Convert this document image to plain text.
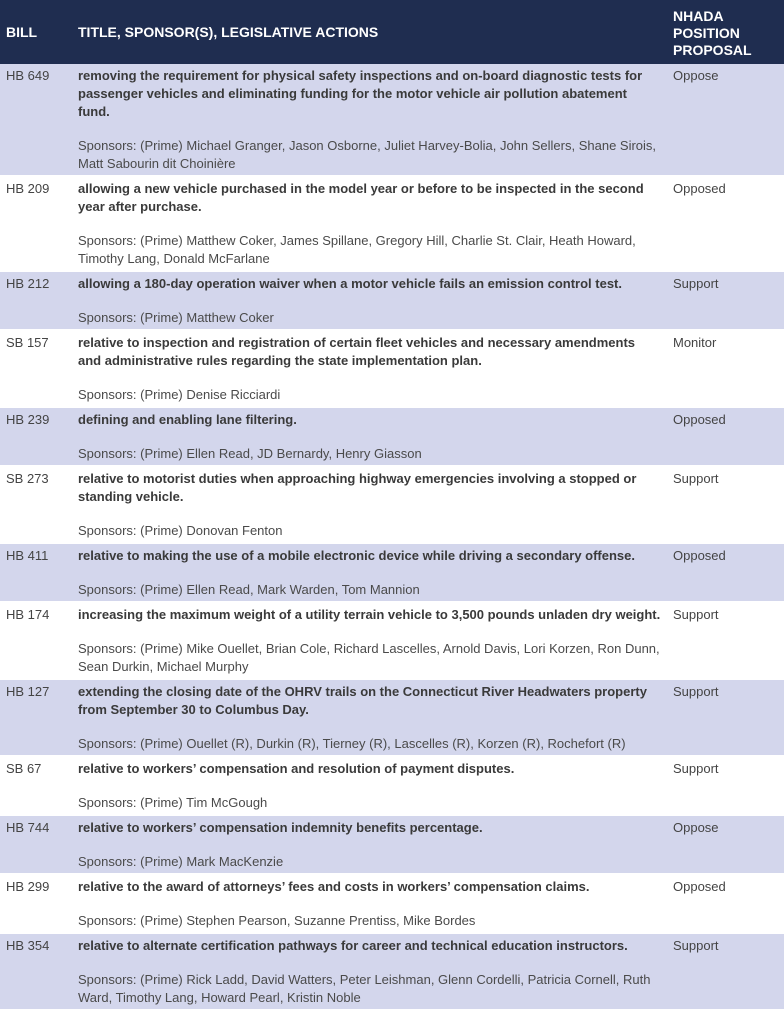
BILL	TITLE, SPONSOR(S), LEGISLATIVE ACTIONS	NHADA POSITION PROPOSAL
HB 649	removing the requirement for physical safety inspections and on-board diagnostic tests for passenger vehicles and eliminating funding for the motor vehicle air pollution abatement fund.
Sponsors: (Prime) Michael Granger, Jason Osborne, Juliet Harvey-Bolia, John Sellers, Shane Sirois, Matt Sabourin dit Choinière	Oppose
HB 209	allowing a new vehicle purchased in the model year or before to be inspected in the second year after purchase.
Sponsors: (Prime) Matthew Coker, James Spillane, Gregory Hill, Charlie St. Clair, Heath Howard, Timothy Lang, Donald McFarlane	Opposed
HB 212	allowing a 180-day operation waiver when a motor vehicle fails an emission control test.
Sponsors: (Prime) Matthew Coker	Support
SB 157	relative to inspection and registration of certain fleet vehicles and necessary amendments and administrative rules regarding the state implementation plan.
Sponsors: (Prime) Denise Ricciardi	Monitor
HB 239	defining and enabling lane filtering.
Sponsors: (Prime) Ellen Read, JD Bernardy, Henry Giasson	Opposed
SB 273	relative to motorist duties when approaching highway emergencies involving a stopped or standing vehicle.
Sponsors: (Prime) Donovan Fenton	Support
HB 411	relative to making the use of a mobile electronic device while driving a secondary offense.
Sponsors: (Prime) Ellen Read, Mark Warden, Tom Mannion	Opposed
HB 174	increasing the maximum weight of a utility terrain vehicle to 3,500 pounds unladen dry weight.
Sponsors: (Prime) Mike Ouellet, Brian Cole, Richard Lascelles, Arnold Davis, Lori Korzen, Ron Dunn, Sean Durkin, Michael Murphy	Support
HB 127	extending the closing date of the OHRV trails on the Connecticut River Headwaters property from September 30 to Columbus Day.
Sponsors: (Prime) Ouellet (R), Durkin (R), Tierney (R), Lascelles (R), Korzen (R), Rochefort (R)	Support
SB 67	relative to workers’ compensation and resolution of payment disputes.
Sponsors: (Prime) Tim McGough	Support
HB 744	relative to workers’ compensation indemnity benefits percentage.
Sponsors: (Prime) Mark MacKenzie	Oppose
HB 299	relative to the award of attorneys’ fees and costs in workers’ compensation claims.
Sponsors: (Prime) Stephen Pearson, Suzanne Prentiss, Mike Bordes	Opposed
HB 354	relative to alternate certification pathways for career and technical education instructors.
Sponsors: (Prime) Rick Ladd, David Watters, Peter Leishman, Glenn Cordelli, Patricia Cornell, Ruth Ward, Timothy Lang, Howard Pearl, Kristin Noble	Support
